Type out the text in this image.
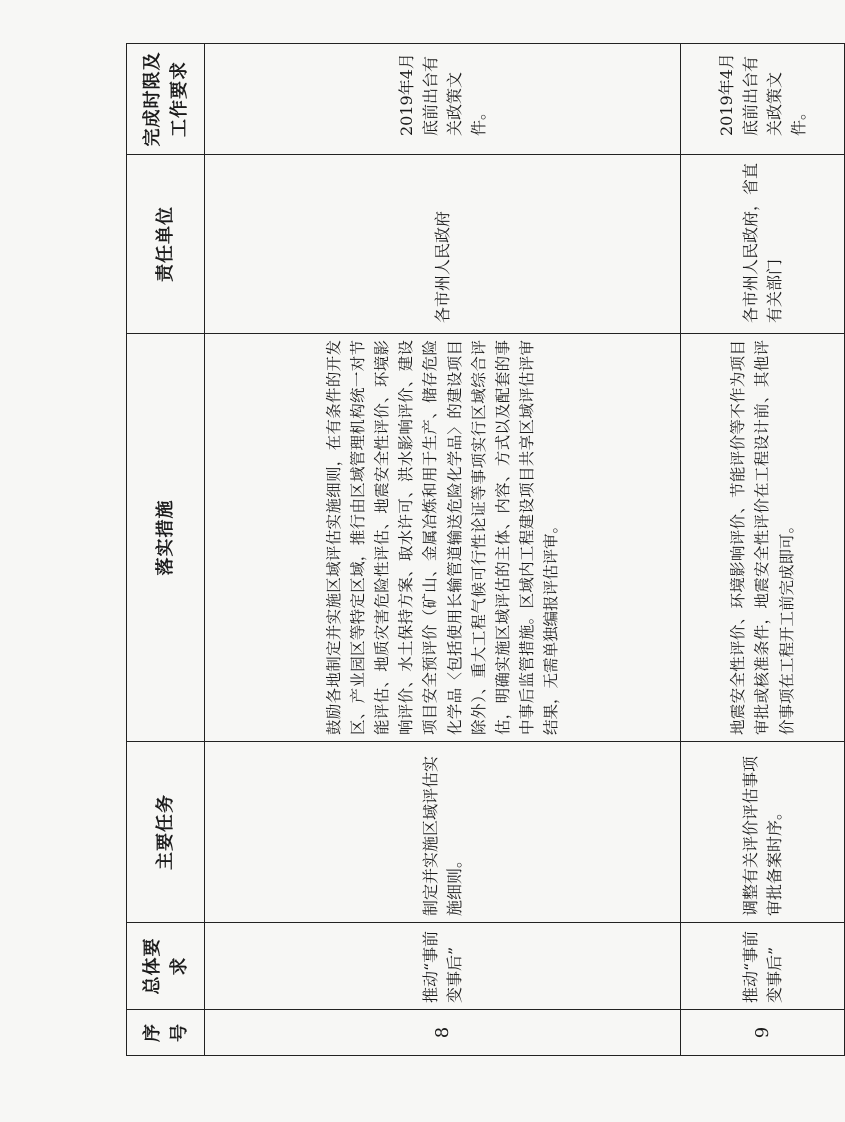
序号	总体要求	主要任务	落实措施	责任单位	完成时限及工作要求
8	推动“事前变事后”	制定并实施区域评估实施细则。	鼓励各地制定并实施区域评估实施细则，在有条件的开发区、产业园区等特定区域，推行由区域管理机构统一对节能评估、地质灾害危险性评估、地震安全性评价、环境影响评价、水土保持方案、取水许可、洪水影响评价、建设项目安全预评价（矿山、金属冶炼和用于生产、储存危险化学品〈包括使用长输管道输送危险化学品〉的建设项目除外）、重大工程气候可行性论证等事项实行区域综合评估，明确实施区域评估的主体、内容、方式以及配套的事中事后监管措施。区域内工程建设项目共享区域评估评审结果，无需单独编报评估评审。	各市州人民政府	2019年4月底前出台有关政策文件。
9	推动“事前变事后”	调整有关评价评估事项审批备案时序。	地震安全性评价、环境影响评价、节能评价等不作为项目审批或核准条件，地震安全性评价在工程设计前、其他评价事项在工程开工前完成即可。	各市州人民政府，省直有关部门	2019年4月底前出台有关政策文件。
